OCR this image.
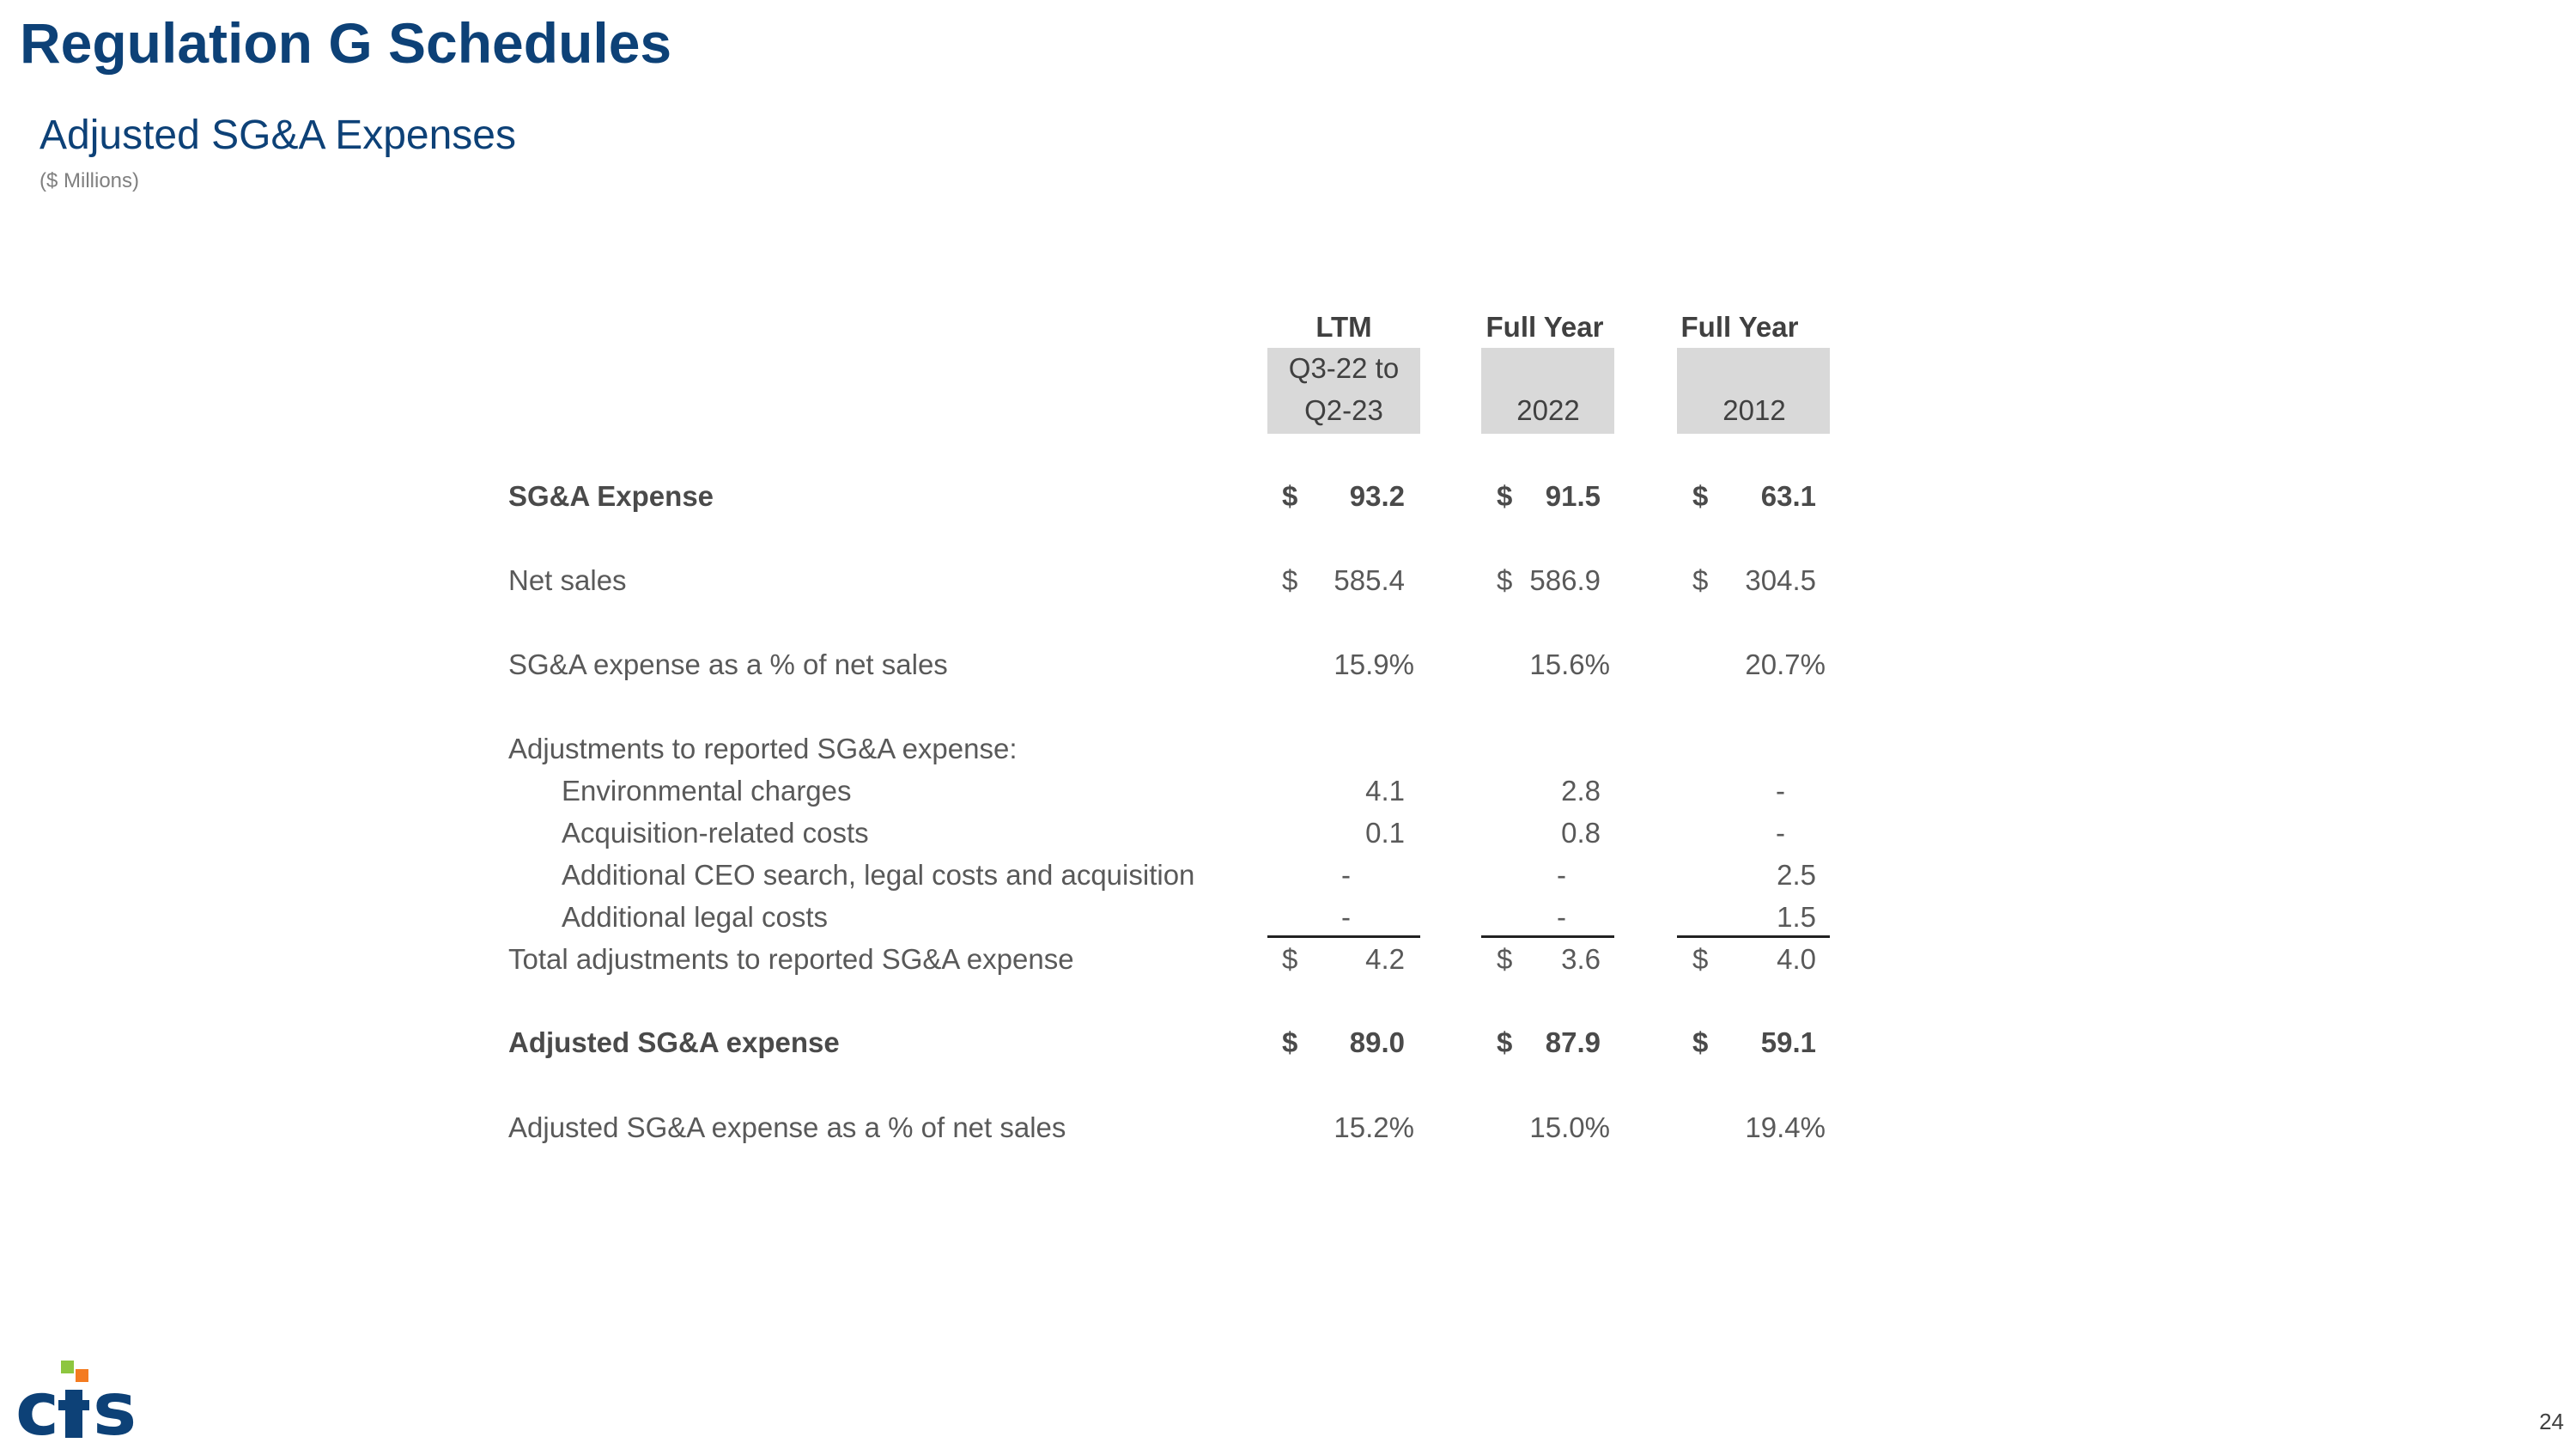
Regulation G Schedules
Adjusted SG&A Expenses
($ Millions)
LTM	Full Year	Full Year
Q3-22 to
Q2-23	2022	2012
SG&A Expense	$ 93.2	$ 91.5	$ 63.1
Net sales	$ 585.4	$ 586.9	$ 304.5
SG&A expense as a % of net sales	15.9%	15.6%	20.7%
Adjustments to reported SG&A expense:
Environmental charges	4.1	2.8	-
Acquisition-related costs	0.1	0.8	-
Additional CEO search, legal costs and acquisition	-	-	2.5
Additional legal costs	-	-	1.5
Total adjustments to reported SG&A expense	$ 4.2	$ 3.6	$ 4.0
Adjusted SG&A expense	$ 89.0	$ 87.9	$ 59.1
Adjusted SG&A expense as a % of net sales	15.2%	15.0%	19.4%
c s	24
